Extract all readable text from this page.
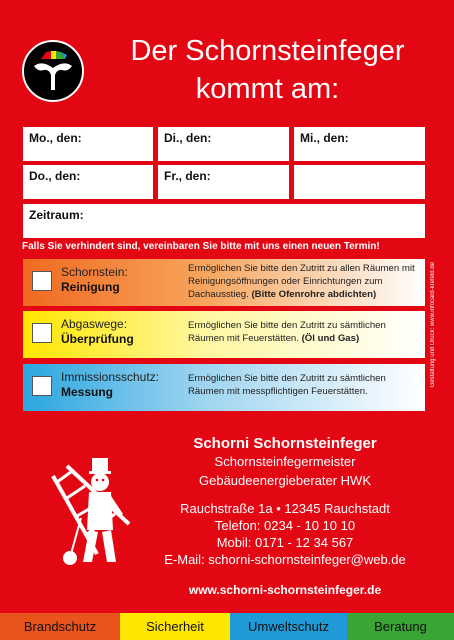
Der Schornsteinfeger
kommt am:
Mo., den:	Di., den:	Mi., den:
Do., den:	Fr., den:
Zeitraum:
Falls Sie verhindert sind, vereinbaren Sie bitte mit uns einen neuen Termin!
Schornstein:
Reinigung
Ermöglichen Sie bitte den Zutritt zu allen Räumen mit Reinigungsöffnungen oder Einrichtungen zum Dachausstieg. (Bitte Ofenrohre abdichten)
Abgaswege:
Überprüfung
Ermöglichen Sie bitte den Zutritt zu sämtlichen Räumen mit Feuerstätten. (Öl und Gas)
Immissionsschutz:
Messung
Ermöglichen Sie bitte den Zutritt zu sämtlichen Räumen mit messpflichtigen Feuerstätten.
Gestaltung und Druck: www.infocard-krefeld.de
Schorni Schornsteinfeger
Schornsteinfegermeister
Gebäudeenergieberater HWK
Rauchstraße 1a • 12345 Rauchstadt
Telefon: 0234 - 10 10 10
Mobil: 0171 - 12 34 567
E-Mail: schorni-schornsteinfeger@web.de
www.schorni-schornsteinfeger.de
Brandschutz	Sicherheit	Umweltschutz	Beratung
